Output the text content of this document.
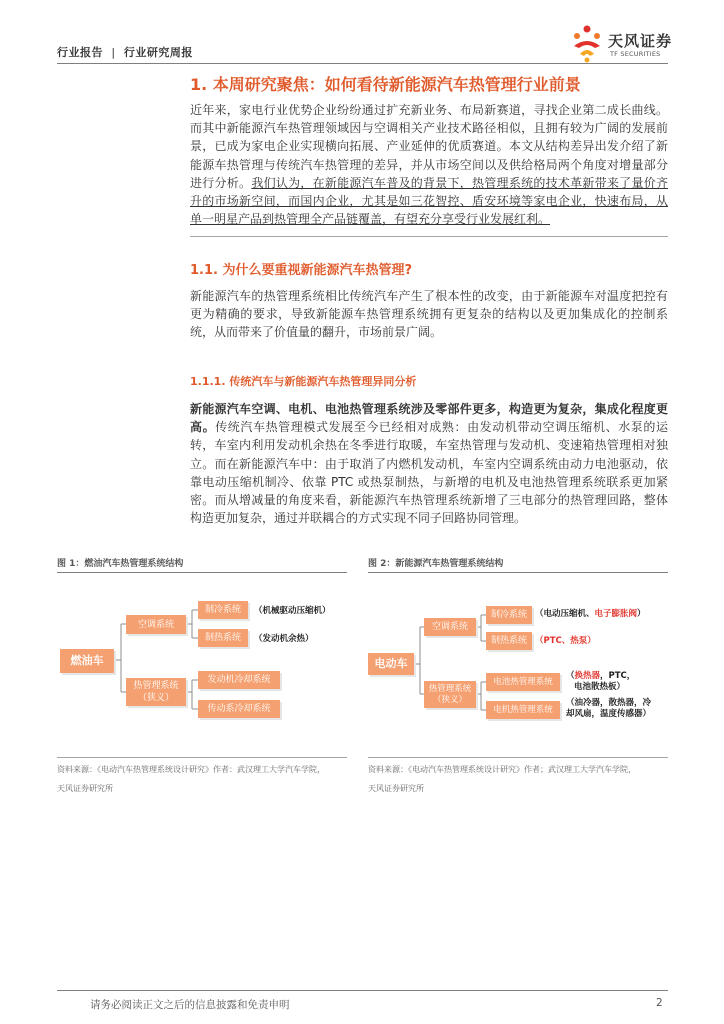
行业报告 | 行业研究周报
天风证券
TF SECURITIES
1. 本周研究聚焦：如何看待新能源汽车热管理行业前景
近年来，家电行业优势企业纷纷通过扩充新业务、布局新赛道，寻找企业第二成长曲线。而其中新能源汽车热管理领域因与空调相关产业技术路径相似，且拥有较为广阔的发展前景，已成为家电企业实现横向拓展、产业延伸的优质赛道。本文从结构差异出发介绍了新能源车热管理与传统汽车热管理的差异，并从市场空间以及供给格局两个角度对增量部分进行分析。我们认为，在新能源汽车普及的背景下，热管理系统的技术革新带来了量价齐升的市场新空间，而国内企业，尤其是如三花智控、盾安环境等家电企业，快速布局，从单一明星产品到热管理全产品链覆盖，有望充分享受行业发展红利。
1.1. 为什么要重视新能源汽车热管理?
新能源汽车的热管理系统相比传统汽车产生了根本性的改变，由于新能源车对温度把控有更为精确的要求，导致新能源车热管理系统拥有更复杂的结构以及更加集成化的控制系统，从而带来了价值量的翻升，市场前景广阔。
1.1.1. 传统汽车与新能源汽车热管理异同分析
新能源汽车空调、电机、电池热管理系统涉及零部件更多，构造更为复杂，集成化程度更高。传统汽车热管理模式发展至今已经相对成熟：由发动机带动空调压缩机、水泵的运转，车室内利用发动机余热在冬季进行取暖，车室热管理与发动机、变速箱热管理相对独立。而在新能源汽车中：由于取消了内燃机发动机，车室内空调系统由动力电池驱动，依靠电动压缩机制冷、依靠 PTC 或热泵制热，与新增的电机及电池热管理系统联系更加紧密。而从增减量的角度来看，新能源汽车热管理系统新增了三电部分的热管理回路，整体构造更加复杂，通过并联耦合的方式实现不同子回路协同管理。
图 1：燃油汽车热管理系统结构
燃油车
空调系统
热管理系统
（狭义）
制冷系统
制热系统
发动机冷却系统
传动系冷却系统
（机械驱动压缩机）
（发动机余热）
资料来源：《电动汽车热管理系统设计研究》作者：武汉理工大学汽车学院，
天风证券研究所
图 2：新能源汽车热管理系统结构
电动车
空调系统
热管理系统
（狭义）
制冷系统
制热系统
电池热管理系统
电机热管理系统
（电动压缩机、电子膨胀阀）
（PTC、热泵）
（换热器，PTC，
电池散热板）
（油冷器，散热器，冷
却风扇，温度传感器）
资料来源：《电动汽车热管理系统设计研究》作者；武汉理工大学汽车学院，
天风证券研究所
请务必阅读正文之后的信息披露和免责申明	2
